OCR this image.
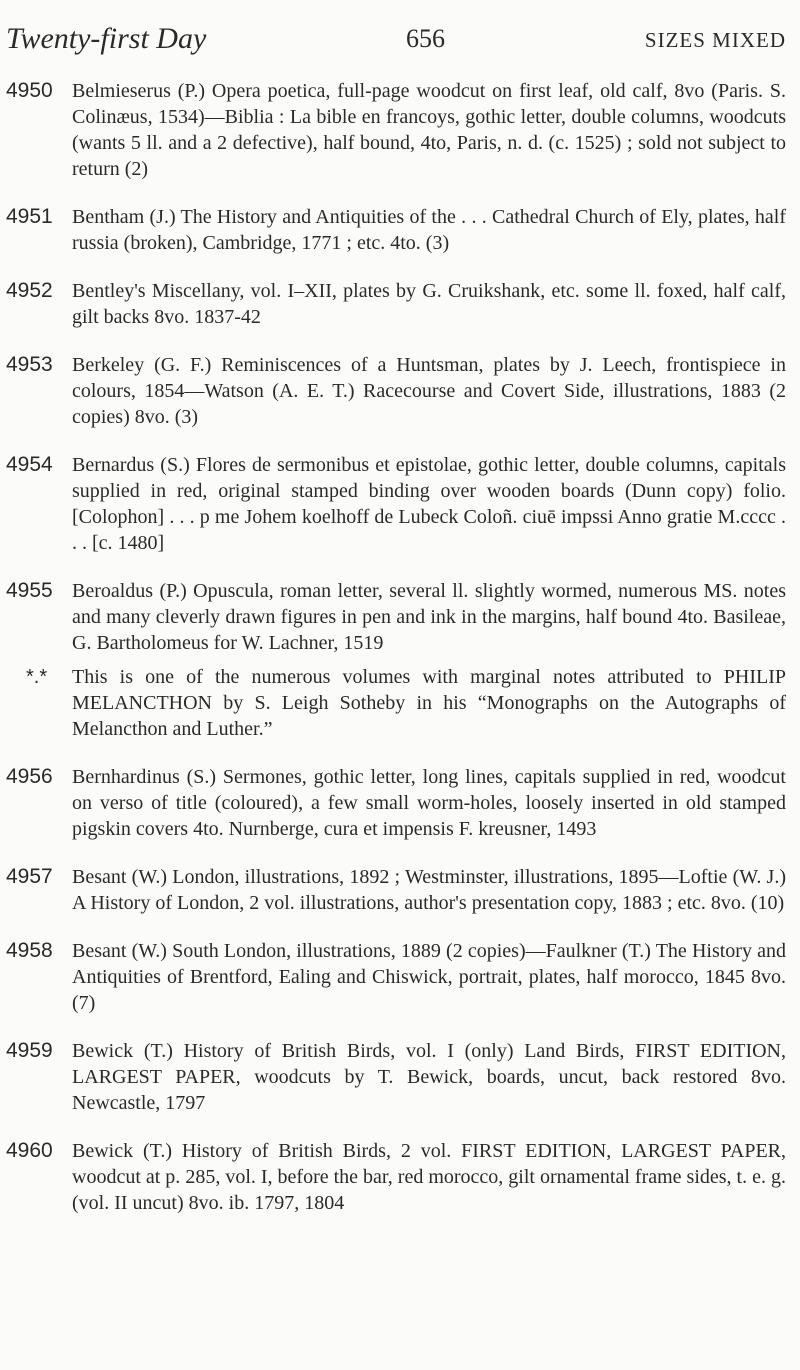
Twenty-first Day	656	SIZES MIXED
4950 Belmieserus (P.) Opera poetica, full-page woodcut on first leaf, old calf, 8vo (Paris. S. Colinæus, 1534)—Biblia : La bible en francoys, gothic letter, double columns, woodcuts (wants 5 ll. and a 2 defective), half bound, 4to, Paris, n. d. (c. 1525) ; sold not subject to return (2)
4951 Bentham (J.) The History and Antiquities of the . . . Cathedral Church of Ely, plates, half russia (broken), Cambridge, 1771 ; etc. 4to. (3)
4952 Bentley's Miscellany, vol. I–XII, plates by G. Cruikshank, etc. some ll. foxed, half calf, gilt backs 8vo. 1837-42
4953 Berkeley (G. F.) Reminiscences of a Huntsman, plates by J. Leech, frontispiece in colours, 1854—Watson (A. E. T.) Racecourse and Covert Side, illustrations, 1883 (2 copies) 8vo. (3)
4954 Bernardus (S.) Flores de sermonibus et epistolae, gothic letter, double columns, capitals supplied in red, original stamped binding over wooden boards (Dunn copy) folio. [Colophon] . . . p me Johem koelhoff de Lubeck Coloñ. ciuē impssi Anno gratie M.cccc . . . [c. 1480]
4955 Beroaldus (P.) Opuscula, roman letter, several ll. slightly wormed, numerous MS. notes and many cleverly drawn figures in pen and ink in the margins, half bound 4to. Basileae, G. Bartholomeus for W. Lachner, 1519
*.* This is one of the numerous volumes with marginal notes attributed to PHILIP MELANCTHON by S. Leigh Sotheby in his “Monographs on the Autographs of Melancthon and Luther.”
4956 Bernhardinus (S.) Sermones, gothic letter, long lines, capitals supplied in red, woodcut on verso of title (coloured), a few small worm-holes, loosely inserted in old stamped pigskin covers 4to. Nurnberge, cura et impensis F. kreusner, 1493
4957 Besant (W.) London, illustrations, 1892 ; Westminster, illustrations, 1895—Loftie (W. J.) A History of London, 2 vol. illustrations, author's presentation copy, 1883 ; etc. 8vo. (10)
4958 Besant (W.) South London, illustrations, 1889 (2 copies)—Faulkner (T.) The History and Antiquities of Brentford, Ealing and Chiswick, portrait, plates, half morocco, 1845 8vo. (7)
4959 Bewick (T.) History of British Birds, vol. I (only) Land Birds, FIRST EDITION, LARGEST PAPER, woodcuts by T. Bewick, boards, uncut, back restored 8vo. Newcastle, 1797
4960 Bewick (T.) History of British Birds, 2 vol. FIRST EDITION, LARGEST PAPER, woodcut at p. 285, vol. I, before the bar, red morocco, gilt ornamental frame sides, t. e. g. (vol. II uncut) 8vo. ib. 1797, 1804
